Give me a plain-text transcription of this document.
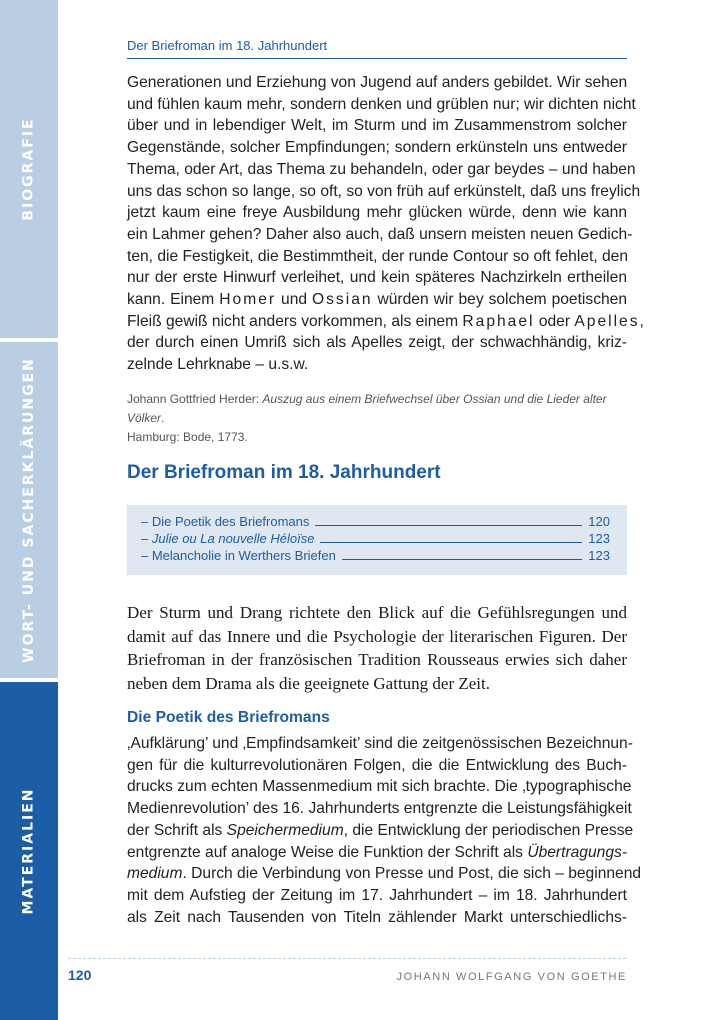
BIOGRAFIE
WORT- UND SACHERKLÄRUNGEN
MATERIALIEN
Der Briefroman im 18. Jahrhundert
Generationen und Erziehung von Jugend auf anders gebildet. Wir sehen
und fühlen kaum mehr, sondern denken und grüblen nur; wir dichten nicht
über und in lebendiger Welt, im Sturm und im Zusammenstrom solcher
Gegenstände, solcher Empfindungen; sondern erkünsteln uns entweder
Thema, oder Art, das Thema zu behandeln, oder gar beydes – und haben
uns das schon so lange, so oft, so von früh auf erkünstelt, daß uns freylich
jetzt kaum eine freye Ausbildung mehr glücken würde, denn wie kann
ein Lahmer gehen? Daher also auch, daß unsern meisten neuen Gedich-
ten, die Festigkeit, die Bestimmtheit, der runde Contour so oft fehlet, den
nur der erste Hinwurf verleihet, und kein späteres Nachzirkeln ertheilen
kann. Einem Homer und Ossian würden wir bey solchem poetischen
Fleiß gewiß nicht anders vorkommen, als einem Raphael oder Apelles,
der durch einen Umriß sich als Apelles zeigt, der schwachhändig, kriz-
zelnde Lehrknabe – u.s.w.
Johann Gottfried Herder: Auszug aus einem Briefwechsel über Ossian und die Lieder alter Völker.
Hamburg: Bode, 1773.
Der Briefroman im 18. Jahrhundert
– Die Poetik des Briefromans	120
– Julie ou La nouvelle Héloïse	123
– Melancholie in Werthers Briefen	123
Der Sturm und Drang richtete den Blick auf die Gefühlsregungen und
damit auf das Innere und die Psychologie der literarischen Figuren. Der
Briefroman in der französischen Tradition Rousseaus erwies sich daher
neben dem Drama als die geeignete Gattung der Zeit.
Die Poetik des Briefromans
‚Aufklärung’ und ‚Empfindsamkeit’ sind die zeitgenössischen Bezeichnun-
gen für die kulturrevolutionären Folgen, die die Entwicklung des Buch-
drucks zum echten Massenmedium mit sich brachte. Die ‚typographische
Medienrevolution’ des 16. Jahrhunderts entgrenzte die Leistungsfähigkeit
der Schrift als Speichermedium, die Entwicklung der periodischen Presse
entgrenzte auf analoge Weise die Funktion der Schrift als Übertragungs-
medium. Durch die Verbindung von Presse und Post, die sich – beginnend
mit dem Aufstieg der Zeitung im 17. Jahrhundert – im 18. Jahrhundert
als Zeit nach Tausenden von Titeln zählender Markt unterschiedlichs-
120	JOHANN WOLFGANG VON GOETHE
